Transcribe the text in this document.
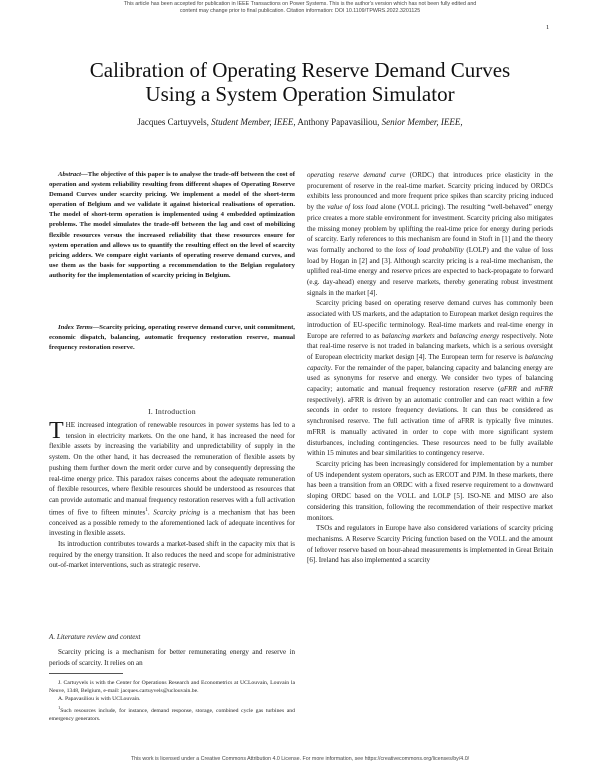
This article has been accepted for publication in IEEE Transactions on Power Systems. This is the author's version which has not been fully edited and
content may change prior to final publication. Citation information: DOI 10.1109/TPWRS.2022.3201125
1
Calibration of Operating Reserve Demand Curves
Using a System Operation Simulator
Jacques Cartuyvels, Student Member, IEEE, Anthony Papavasiliou, Senior Member, IEEE,

Abstract—The objective of this paper is to analyse the trade-off between the cost of operation and system reliability resulting from different shapes of Operating Reserve Demand Curves under scarcity pricing. We implement a model of the short-term operation of Belgium and we validate it against historical realisations of operation. The model of short-term operation is implemented using 4 embedded optimization problems. The model simulates the trade-off between the lag and cost of mobilizing flexible resources versus the increased reliability that these resources ensure for system operation and allows us to quantify the resulting effect on the level of scarcity pricing adders. We compare eight variants of operating reserve demand curves, and use them as the basis for supporting a recommendation to the Belgian regulatory authority for the implementation of scarcity pricing in Belgium.

Index Terms—Scarcity pricing, operating reserve demand curve, unit commitment, economic dispatch, balancing, automatic frequency restoration reserve, manual frequency restoration reserve.

I. Introduction

THE increased integration of renewable resources in power systems has led to a tension in electricity markets. On the one hand, it has increased the need for flexible assets by increasing the variability and unpredictability of supply in the system. On the other hand, it has decreased the remuneration of flexible assets by pushing them further down the merit order curve and by consequently depressing the real-time energy price. This paradox raises concerns about the adequate remuneration of flexible resources, where flexible resources should be understood as resources that can provide automatic and manual frequency restoration reserves with a full activation times of five to fifteen minutes$^1$. Scarcity pricing is a mechanism that has been conceived as a possible remedy to the aforementioned lack of adequate incentives for investing in flexible assets.

Its introduction contributes towards a market-based shift in the capacity mix that is required by the energy transition. It also reduces the need and scope for administrative out-of-market interventions, such as strategic reserve.

A. Literature review and context

Scarcity pricing is a mechanism for better remunerating energy and reserve in periods of scarcity. It relies on an

J. Cartuyvels is with the Center for Operations Research and Econometrics at UCLouvain, Louvain la Neuve, 1348, Belgium, e-mail: jacques.cartuyvels@uclouvain.be.

A. Papavasiliou is with UCLouvain.

$^1$Such resources include, for instance, demand response, storage, combined cycle gas turbines and emergency generators.

operating reserve demand curve (ORDC) that introduces price elasticity in the procurement of reserve in the real-time market. Scarcity pricing induced by ORDCs exhibits less pronounced and more frequent price spikes than scarcity pricing induced by the value of loss load alone (VOLL pricing). The resulting “well-behaved” energy price creates a more stable environment for investment. Scarcity pricing also mitigates the missing money problem by uplifting the real-time price for energy during periods of scarcity. Early references to this mechanism are found in Stoft in [1] and the theory was formally anchored to the loss of load probability (LOLP) and the value of loss load by Hogan in [2] and [3]. Although scarcity pricing is a real-time mechanism, the uplifted real-time energy and reserve prices are expected to back-propagate to forward (e.g. day-ahead) energy and reserve markets, thereby generating robust investment signals in the market [4].

Scarcity pricing based on operating reserve demand curves has commonly been associated with US markets, and the adaptation to European market design requires the introduction of EU-specific terminology. Real-time markets and real-time energy in Europe are referred to as balancing markets and balancing energy respectively. Note that real-time reserve is not traded in balancing markets, which is a serious oversight of European electricity market design [4]. The European term for reserve is balancing capacity. For the remainder of the paper, balancing capacity and balancing energy are used as synonyms for reserve and energy. We consider two types of balancing capacity; automatic and manual frequency restoration reserve (aFRR and mFRR respectively). aFRR is driven by an automatic controller and can react within a few seconds in order to restore frequency deviations. It can thus be considered as synchronised reserve. The full activation time of aFRR is typically five minutes. mFRR is manually activated in order to cope with more significant system disturbances, including contingencies. These resources need to be fully available within 15 minutes and bear similarities to contingency reserve.

Scarcity pricing has been increasingly considered for implementation by a number of US independent system operators, such as ERCOT and PJM. In these markets, there has been a transition from an ORDC with a fixed reserve requirement to a downward sloping ORDC based on the VOLL and LOLP [5]. ISO-NE and MISO are also considering this transition, following the recommendation of their respective market monitors.

TSOs and regulators in Europe have also considered variations of scarcity pricing mechanisms. A Reserve Scarcity Pricing function based on the VOLL and the amount of leftover reserve based on hour-ahead measurements is implemented in Great Britain [6]. Ireland has also implemented a scarcity

This work is licensed under a Creative Commons Attribution 4.0 License. For more information, see https://creativecommons.org/licenses/by/4.0/
